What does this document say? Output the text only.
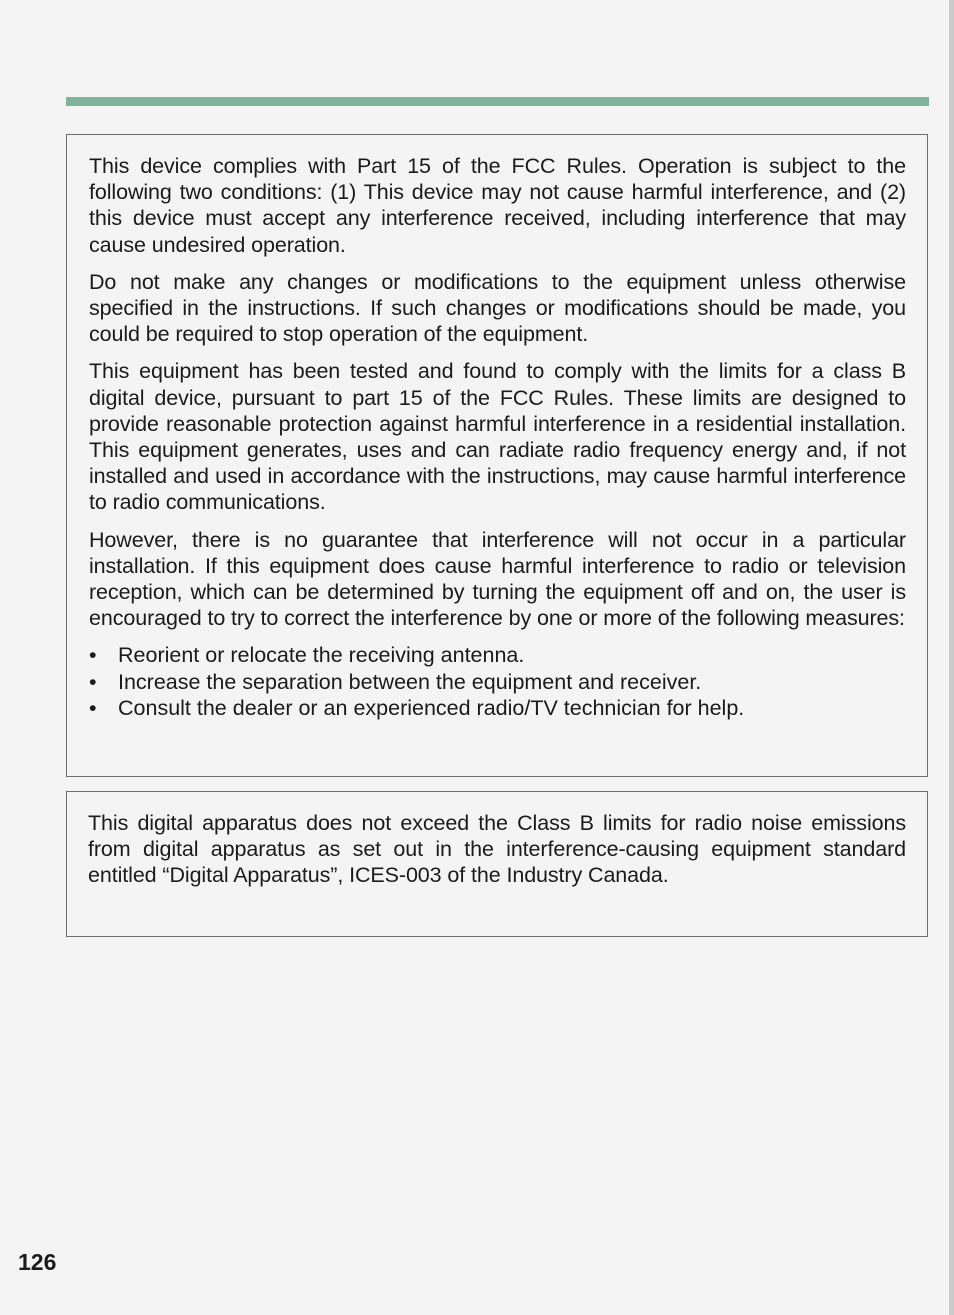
This device complies with Part 15 of the FCC Rules. Operation is subject to the following two conditions: (1) This device may not cause harmful interference, and (2) this device must accept any interference received, including interference that may cause undesired operation.

Do not make any changes or modifications to the equipment unless otherwise specified in the instructions. If such changes or modifications should be made, you could be required to stop operation of the equipment.

This equipment has been tested and found to comply with the limits for a class B digital device, pursuant to part 15 of the FCC Rules. These limits are designed to provide reasonable protection against harmful interference in a residential installation. This equipment generates, uses and can radiate radio frequency energy and, if not installed and used in accordance with the instructions, may cause harmful interference to radio communications.

However, there is no guarantee that interference will not occur in a particular installation. If this equipment does cause harmful interference to radio or television reception, which can be determined by turning the equipment off and on, the user is encouraged to try to correct the interference by one or more of the following measures:

• Reorient or relocate the receiving antenna.
• Increase the separation between the equipment and receiver.
• Consult the dealer or an experienced radio/TV technician for help.

This digital apparatus does not exceed the Class B limits for radio noise emissions from digital apparatus as set out in the interference-causing equipment standard entitled “Digital Apparatus”, ICES-003 of the Industry Canada.

126
